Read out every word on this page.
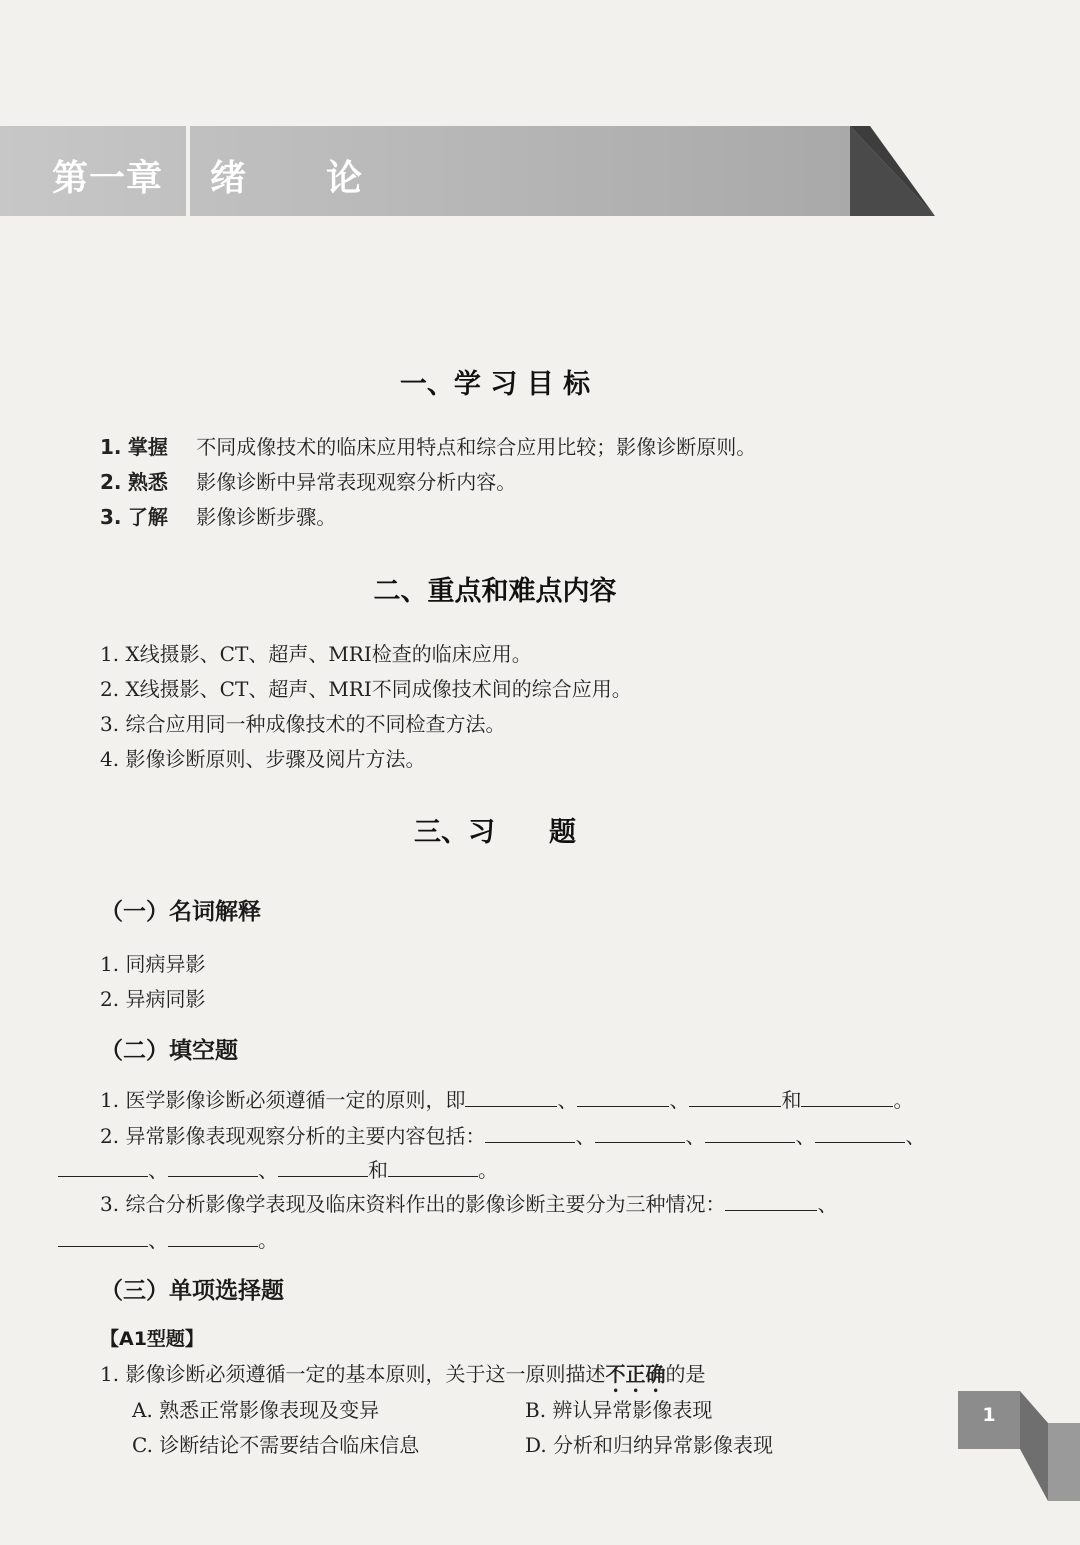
第一章 绪论
一、学 习 目 标
1. 掌握 不同成像技术的临床应用特点和综合应用比较；影像诊断原则。
2. 熟悉 影像诊断中异常表现观察分析内容。
3. 了解 影像诊断步骤。
二、重点和难点内容
1. X线摄影、CT、超声、MRI检查的临床应用。
2. X线摄影、CT、超声、MRI不同成像技术间的综合应用。
3. 综合应用同一种成像技术的不同检查方法。
4. 影像诊断原则、步骤及阅片方法。
三、习　　题
（一）名词解释
1. 同病异影
2. 异病同影
（二）填空题
1. 医学影像诊断必须遵循一定的原则，即	、	、	和	。
2. 异常影像表现观察分析的主要内容包括：	、	、	、	、
、	、	和	。
3. 综合分析影像学表现及临床资料作出的影像诊断主要分为三种情况：	、
、	。
（三）单项选择题
【A1型题】
1. 影像诊断必须遵循一定的基本原则，关于这一原则描述不正确的是
A. 熟悉正常影像表现及变异	B. 辨认异常影像表现
C. 诊断结论不需要结合临床信息	D. 分析和归纳异常影像表现
1
